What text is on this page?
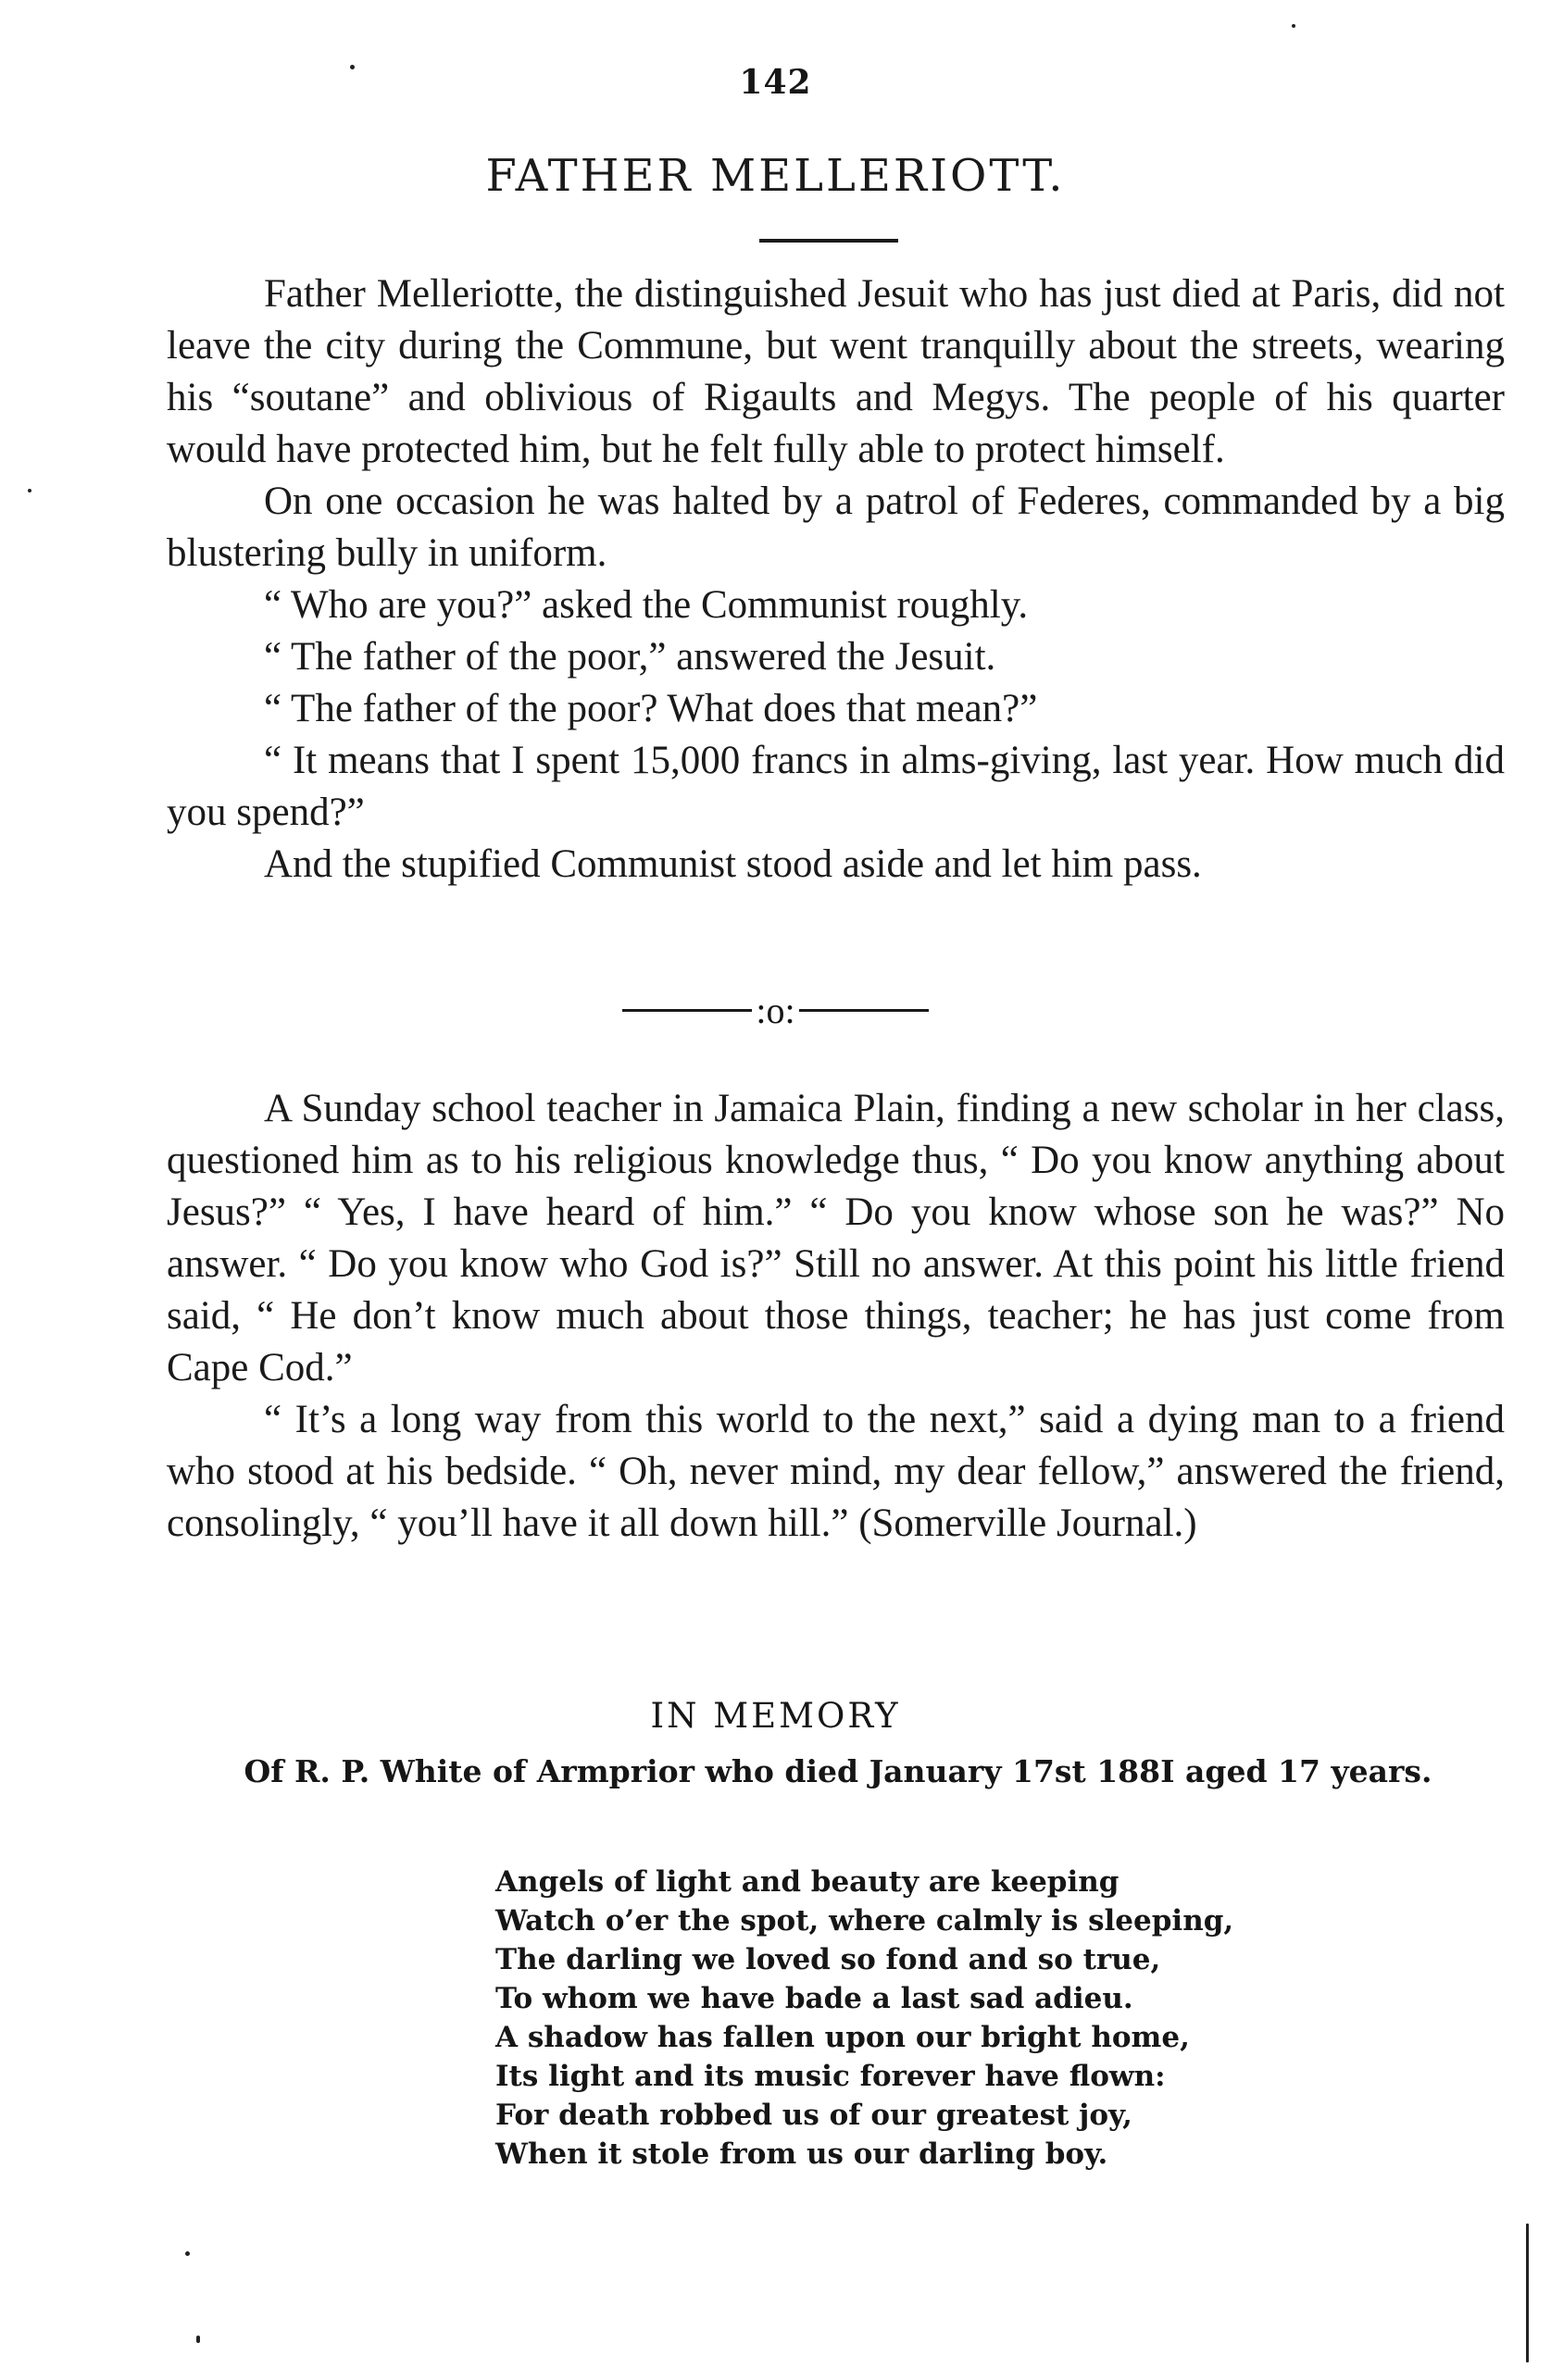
142
FATHER MELLERIOTT.

Father Melleriotte, the distinguished Jesuit who has just died at Paris, did not leave the city during the Commune, but went tranquilly about the streets, wearing his “soutane” and oblivious of Rigaults and Megys. The people of his quarter would have protected him, but he felt fully able to protect himself.

On one occasion he was halted by a patrol of Federes, commanded by a big blustering bully in uniform.

“ Who are you?” asked the Communist roughly.

“ The father of the poor,” answered the Jesuit.

“ The father of the poor? What does that mean?”

“ It means that I spent 15,000 francs in alms-giving, last year. How much did you spend?”

And the stupified Communist stood aside and let him pass.

:o:

A Sunday school teacher in Jamaica Plain, finding a new scholar in her class, questioned him as to his religious knowledge thus, “ Do you know anything about Jesus?” “ Yes, I have heard of him.” “ Do you know whose son he was?” No answer. “ Do you know who God is?” Still no answer. At this point his little friend said, “ He don’t know much about those things, teacher; he has just come from Cape Cod.”

“ It’s a long way from this world to the next,” said a dying man to a friend who stood at his bedside. “ Oh, never mind, my dear fellow,” answered the friend, consolingly, “ you’ll have it all down hill.” (Somerville Journal.)

IN MEMORY
Of R. P. White of Armprior who died January 17st 188I aged 17 years.
Angels of light and beauty are keeping
Watch o’er the spot, where calmly is sleeping,
The darling we loved so fond and so true,
To whom we have bade a last sad adieu.
A shadow has fallen upon our bright home,
Its light and its music forever have flown:
For death robbed us of our greatest joy,
When it stole from us our darling boy.
